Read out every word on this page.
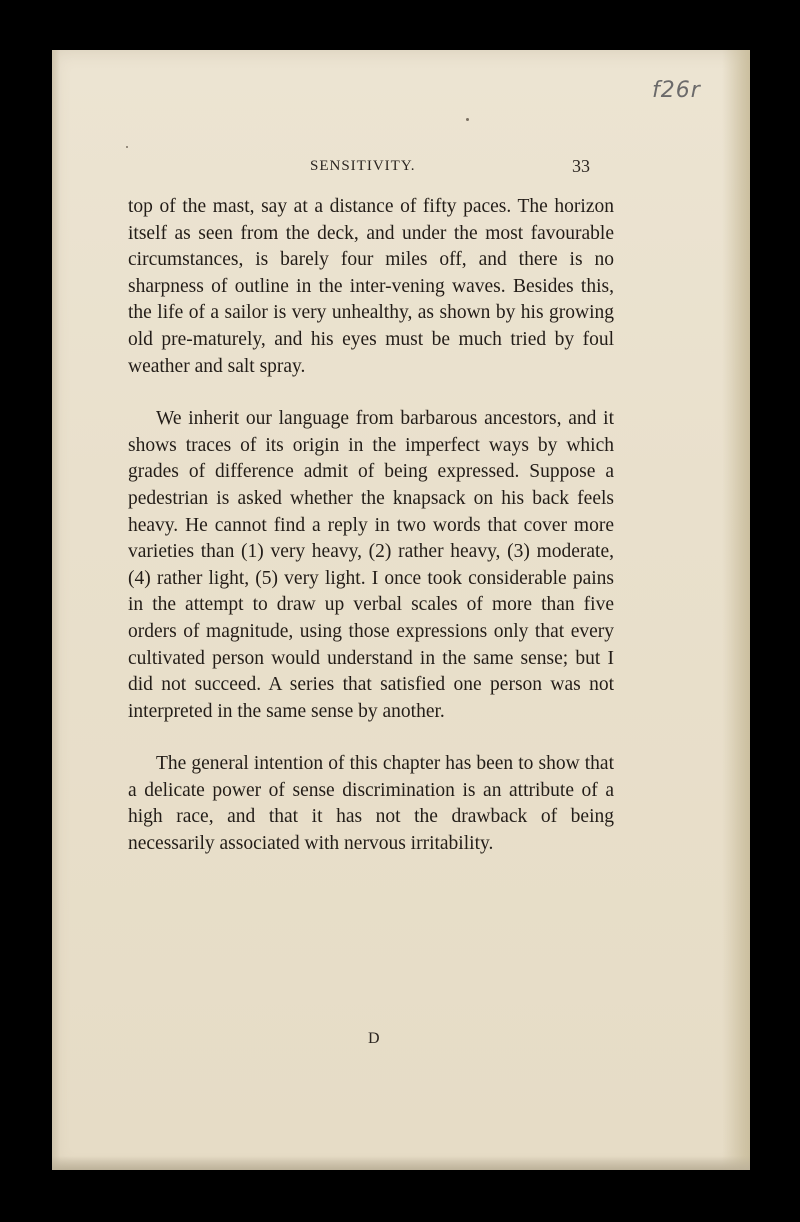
f26r
SENSITIVITY.	33

top of the mast, say at a distance of fifty paces. The horizon itself as seen from the deck, and under the most favourable circumstances, is barely four miles off, and there is no sharpness of outline in the inter-vening waves. Besides this, the life of a sailor is very unhealthy, as shown by his growing old pre-maturely, and his eyes must be much tried by foul weather and salt spray.

We inherit our language from barbarous ancestors, and it shows traces of its origin in the imperfect ways by which grades of difference admit of being expressed. Suppose a pedestrian is asked whether the knapsack on his back feels heavy. He cannot find a reply in two words that cover more varieties than (1) very heavy, (2) rather heavy, (3) moderate, (4) rather light, (5) very light. I once took considerable pains in the attempt to draw up verbal scales of more than five orders of magnitude, using those expressions only that every cultivated person would understand in the same sense; but I did not succeed. A series that satisfied one person was not interpreted in the same sense by another.

The general intention of this chapter has been to show that a delicate power of sense discrimination is an attribute of a high race, and that it has not the drawback of being necessarily associated with nervous irritability.

D
